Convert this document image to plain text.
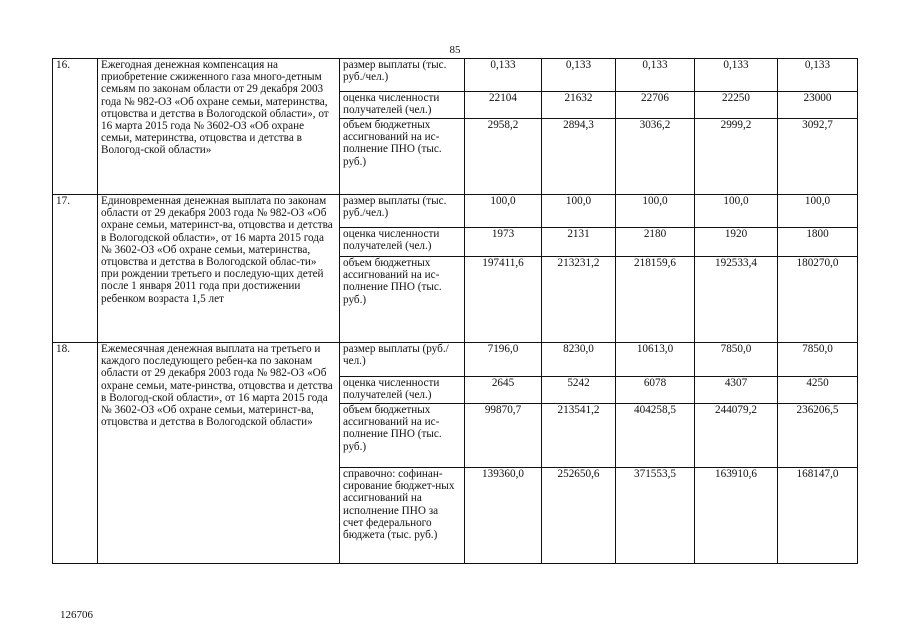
85
16.	Ежегодная денежная компенсация на приобретение сжиженного газа много-детным семьям по законам области от 29 декабря 2003 года № 982-ОЗ «Об охране семьи, материнства, отцовства и детства в Вологодской области», от 16 марта 2015 года № 3602-ОЗ «Об охране семьи, материнства, отцовства и детства в Вологод-ской области»	размер выплаты (тыс. руб./чел.)	0,133	0,133	0,133	0,133	0,133
		оценка численности получателей (чел.)	22104	21632	22706	22250	23000
		объем бюджетных ассигнований на ис-полнение ПНО (тыс. руб.)	2958,2	2894,3	3036,2	2999,2	3092,7
17.	Единовременная денежная выплата по законам области от 29 декабря 2003 года № 982-ОЗ «Об охране семьи, материнст-ва, отцовства и детства в Вологодской области», от 16 марта 2015 года № 3602-ОЗ «Об охране семьи, материнства, отцовства и детства в Вологодской облас-ти» при рождении третьего и последую-щих детей после 1 января 2011 года при достижении ребенком возраста 1,5 лет	размер выплаты (тыс. руб./чел.)	100,0	100,0	100,0	100,0	100,0
		оценка численности получателей (чел.)	1973	2131	2180	1920	1800
		объем бюджетных ассигнований на ис-полнение ПНО (тыс. руб.)	197411,6	213231,2	218159,6	192533,4	180270,0
18.	Ежемесячная денежная выплата на третьего и каждого последующего ребен-ка по законам области от 29 декабря 2003 года № 982-ОЗ «Об охране семьи, мате-ринства, отцовства и детства в Вологод-ской области», от 16 марта 2015 года № 3602-ОЗ «Об охране семьи, материнст-ва, отцовства и детства в Вологодской области»	размер выплаты (руб./чел.)	7196,0	8230,0	10613,0	7850,0	7850,0
		оценка численности получателей (чел.)	2645	5242	6078	4307	4250
		объем бюджетных ассигнований на ис-полнение ПНО (тыс. руб.)	99870,7	213541,2	404258,5	244079,2	236206,5
		справочно: софинан-сирование бюджет-ных ассигнований на исполнение ПНО за счет федерального бюджета (тыс. руб.)	139360,0	252650,6	371553,5	163910,6	168147,0
126706
